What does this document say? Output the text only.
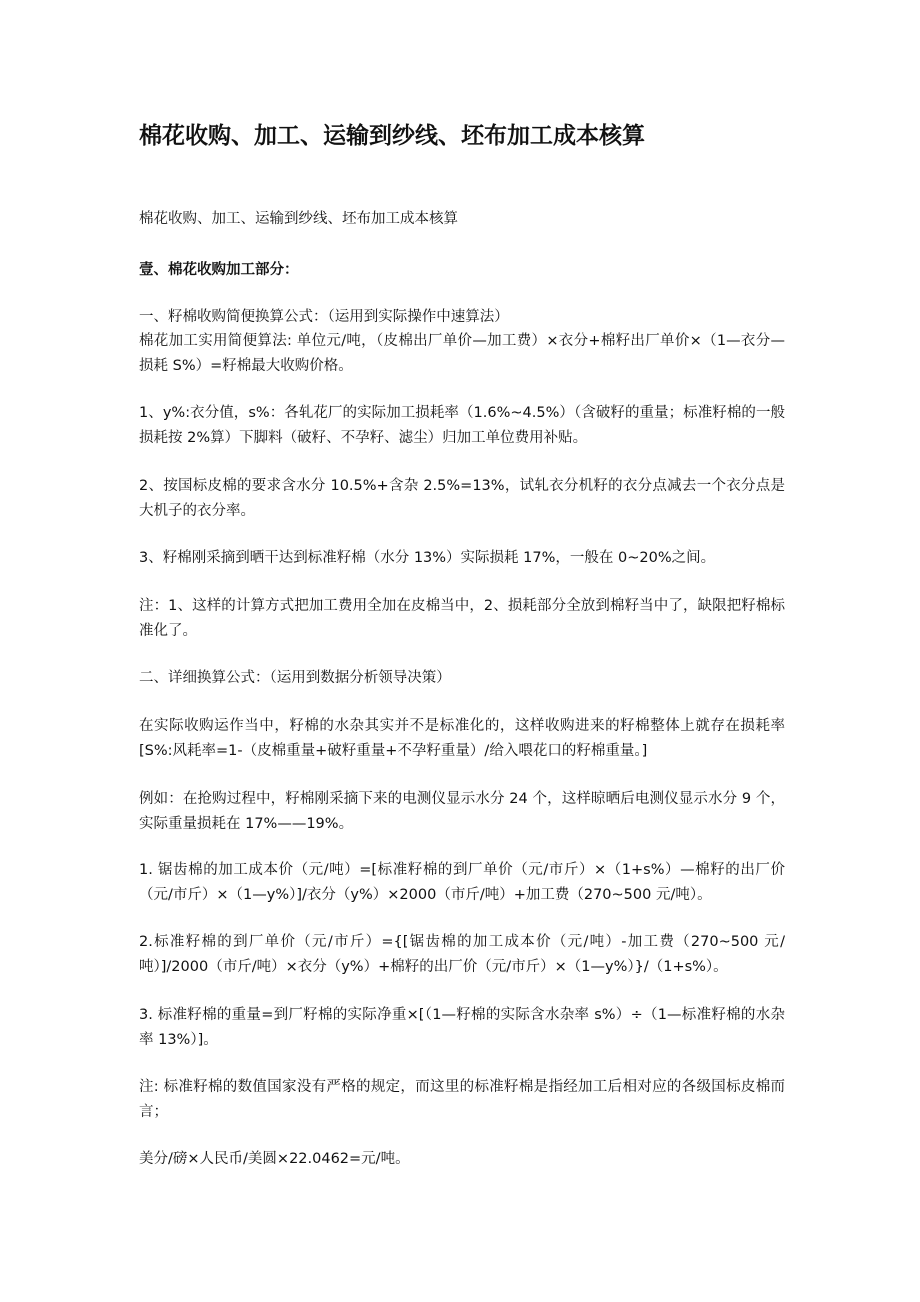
棉花收购、加工、运输到纱线、坯布加工成本核算

棉花收购、加工、运输到纱线、坯布加工成本核算

壹、棉花收购加工部分：

一、籽棉收购简便换算公式：（运用到实际操作中速算法）

棉花加工实用简便算法: 单位元/吨，（皮棉出厂单价—加工费）×衣分+棉籽出厂单价×（1—衣分—损耗 S%）=籽棉最大收购价格。

1、y%:衣分值，s%：各轧花厂的实际加工损耗率（1.6%~4.5%）（含破籽的重量；标准籽棉的一般损耗按 2%算）下脚料（破籽、不孕籽、滤尘）归加工单位费用补贴。

2、按国标皮棉的要求含水分 10.5%+含杂 2.5%=13%，试轧衣分机籽的衣分点减去一个衣分点是大机子的衣分率。

3、籽棉刚采摘到晒干达到标准籽棉（水分 13%）实际损耗 17%，一般在 0~20%之间。

注：1、这样的计算方式把加工费用全加在皮棉当中，2、损耗部分全放到棉籽当中了，缺限把籽棉标准化了。

二、详细换算公式：（运用到数据分析领导决策）

在实际收购运作当中，籽棉的水杂其实并不是标准化的，这样收购进来的籽棉整体上就存在损耗率[S%:风耗率=1-（皮棉重量+破籽重量+不孕籽重量）/给入喂花口的籽棉重量。]

例如：在抢购过程中，籽棉刚采摘下来的电测仪显示水分 24 个，这样晾晒后电测仪显示水分 9 个，实际重量损耗在 17%——19%。

1. 锯齿棉的加工成本价（元/吨）=[标准籽棉的到厂单价（元/市斤）×（1+s%）—棉籽的出厂价（元/市斤）×（1—y%）]/衣分（y%）×2000（市斤/吨）+加工费（270~500 元/吨）。

2.标准籽棉的到厂单价（元/市斤）={[锯齿棉的加工成本价（元/吨）-加工费（270~500 元/吨）]/2000（市斤/吨）×衣分（y%）+棉籽的出厂价（元/市斤）×（1—y%）}/（1+s%）。

3. 标准籽棉的重量=到厂籽棉的实际净重×[（1—籽棉的实际含水杂率 s%）÷（1—标准籽棉的水杂率 13%）]。

注: 标准籽棉的数值国家没有严格的规定，而这里的标准籽棉是指经加工后相对应的各级国标皮棉而言；

美分/磅×人民币/美圆×22.0462=元/吨。
